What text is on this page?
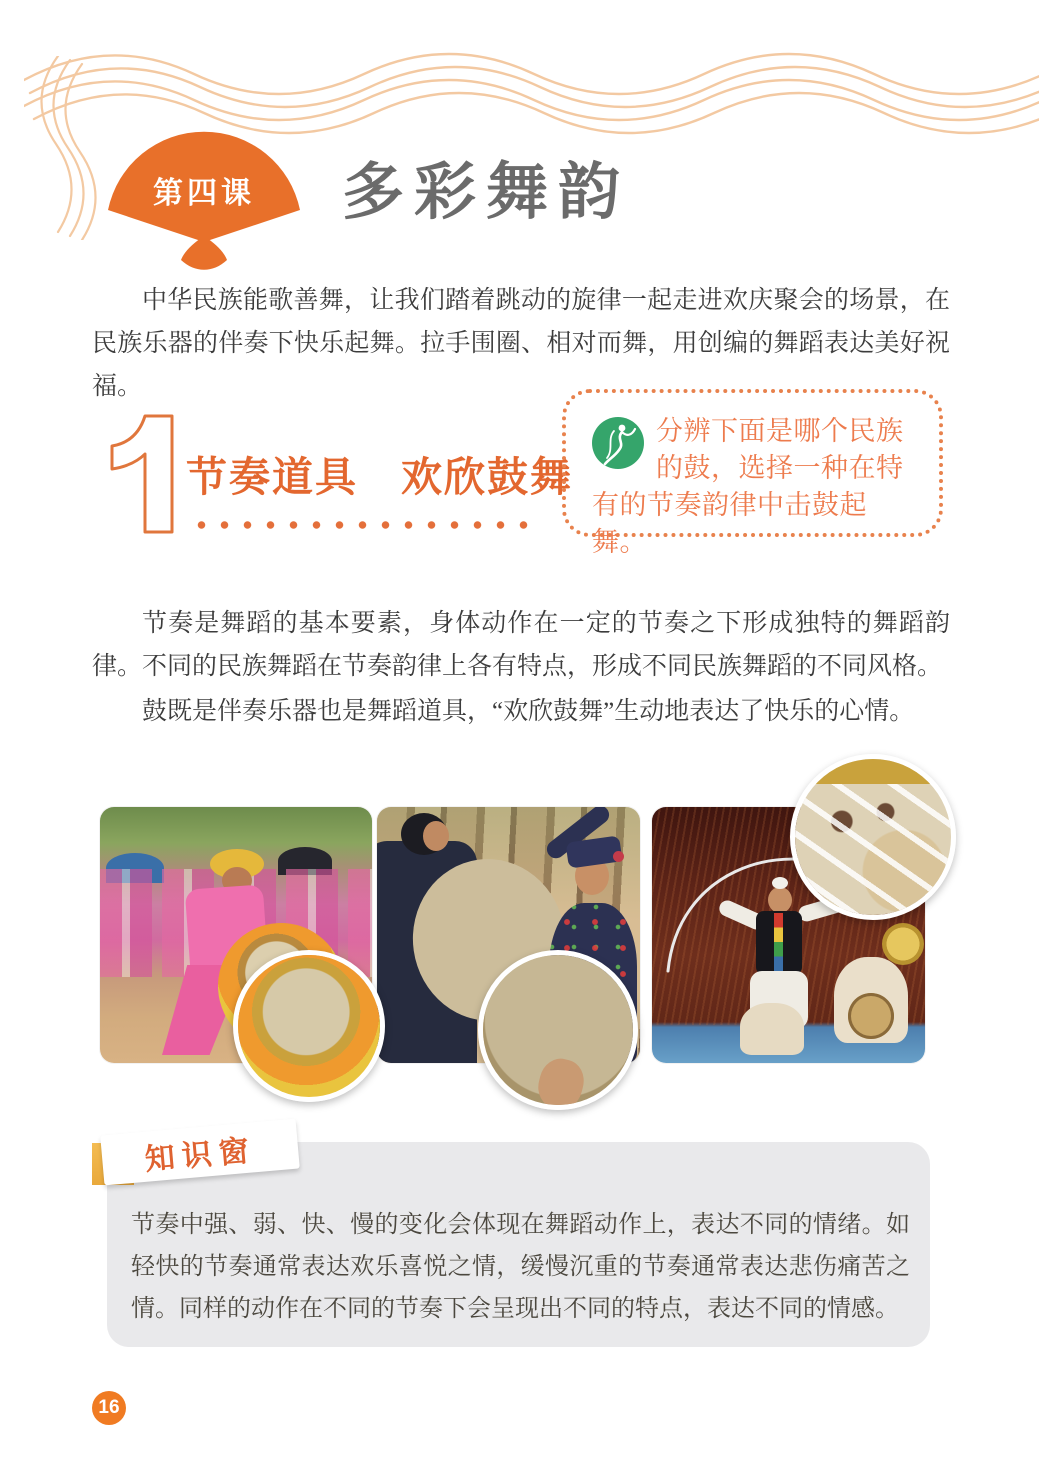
第四课	多彩舞韵

中华民族能歌善舞，让我们踏着跳动的旋律一起走进欢庆聚会的场景，在民族乐器的伴奏下快乐起舞。拉手围圈、相对而舞，用创编的舞蹈表达美好祝福。

节奏道具　欢欣鼓舞

分辨下面是哪个民族的鼓，选择一种在特有的节奏韵律中击鼓起舞。

节奏是舞蹈的基本要素，身体动作在一定的节奏之下形成独特的舞蹈韵律。不同的民族舞蹈在节奏韵律上各有特点，形成不同民族舞蹈的不同风格。

鼓既是伴奏乐器也是舞蹈道具，“欢欣鼓舞”生动地表达了快乐的心情。

知识窗

节奏中强、弱、快、慢的变化会体现在舞蹈动作上，表达不同的情绪。如轻快的节奏通常表达欢乐喜悦之情，缓慢沉重的节奏通常表达悲伤痛苦之情。同样的动作在不同的节奏下会呈现出不同的特点，表达不同的情感。

16
